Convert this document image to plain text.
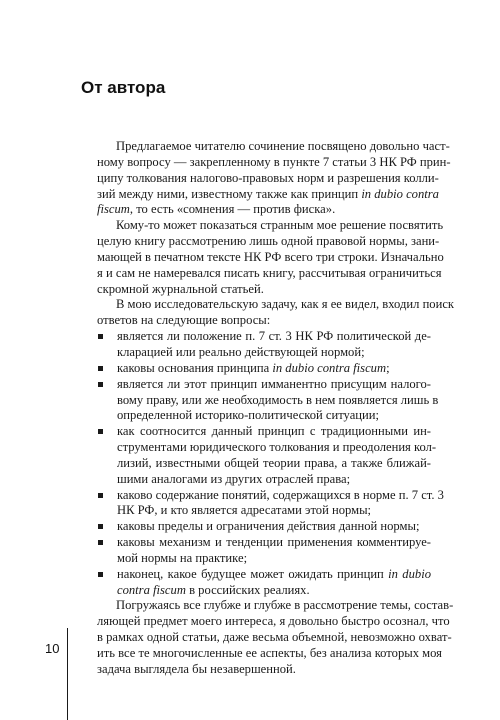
От автора
Предлагаемое читателю сочинение посвящено довольно част-
ному вопросу — закрепленному в пункте 7 статьи 3 НК РФ прин-
ципу толкования налогово-правовых норм и разрешения колли-
зий между ними, известному также как принцип in dubio contra
fiscum, то есть «сомнения — против фиска».
Кому-то может показаться странным мое решение посвятить
целую книгу рассмотрению лишь одной правовой нормы, зани-
мающей в печатном тексте НК РФ всего три строки. Изначально
я и сам не намеревался писать книгу, рассчитывая ограничиться
скромной журнальной статьей.
В мою исследовательскую задачу, как я ее видел, входил поиск
ответов на следующие вопросы:
является ли положение п. 7 ст. 3 НК РФ политической де-
кларацией или реально действующей нормой;
каковы основания принципа in dubio contra fiscum;
является ли этот принцип имманентно присущим налого-
вому праву, или же необходимость в нем появляется лишь в
определенной историко-политической ситуации;
как соотносится данный принцип с традиционными ин-
струментами юридического толкования и преодоления кол-
лизий, известными общей теории права, а также ближай-
шими аналогами из других отраслей права;
каково содержание понятий, содержащихся в норме п. 7 ст. 3
НК РФ, и кто является адресатами этой нормы;
каковы пределы и ограничения действия данной нормы;
каковы механизм и тенденции применения комментируе-
мой нормы на практике;
наконец, какое будущее может ожидать принцип in dubio
contra fiscum в российских реалиях.
Погружаясь все глубже и глубже в рассмотрение темы, состав-
ляющей предмет моего интереса, я довольно быстро осознал, что
в рамках одной статьи, даже весьма объемной, невозможно охват-
ить все те многочисленные ее аспекты, без анализа которых моя
задача выглядела бы незавершенной.
10
